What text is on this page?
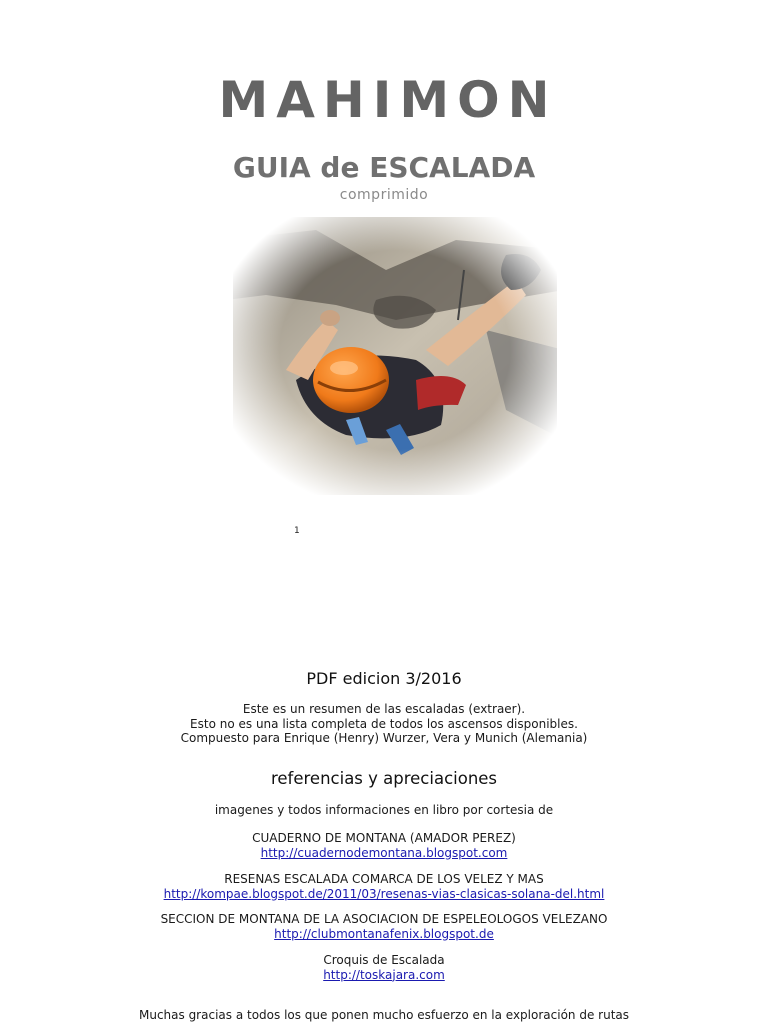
MAHIMON
GUIA de ESCALADA
comprimido
1
PDF edicion 3/2016
Este es un resumen de las escaladas (extraer).
Esto no es una lista completa de todos los ascensos disponibles.
Compuesto para Enrique (Henry) Wurzer, Vera y Munich (Alemania)
referencias y apreciaciones
imagenes y todos informaciones en libro por cortesia de
CUADERNO DE MONTANA (AMADOR PEREZ)
http://cuadernodemontana.blogspot.com
RESENAS ESCALADA COMARCA DE LOS VELEZ Y MAS
http://kompae.blogspot.de/2011/03/resenas-vias-clasicas-solana-del.html
SECCION DE MONTANA DE LA ASOCIACION DE ESPELEOLOGOS VELEZANO
http://clubmontanafenix.blogspot.de
Croquis de Escalada
http://toskajara.com
Muchas gracias a todos los que ponen mucho esfuerzo en la exploración de rutas
